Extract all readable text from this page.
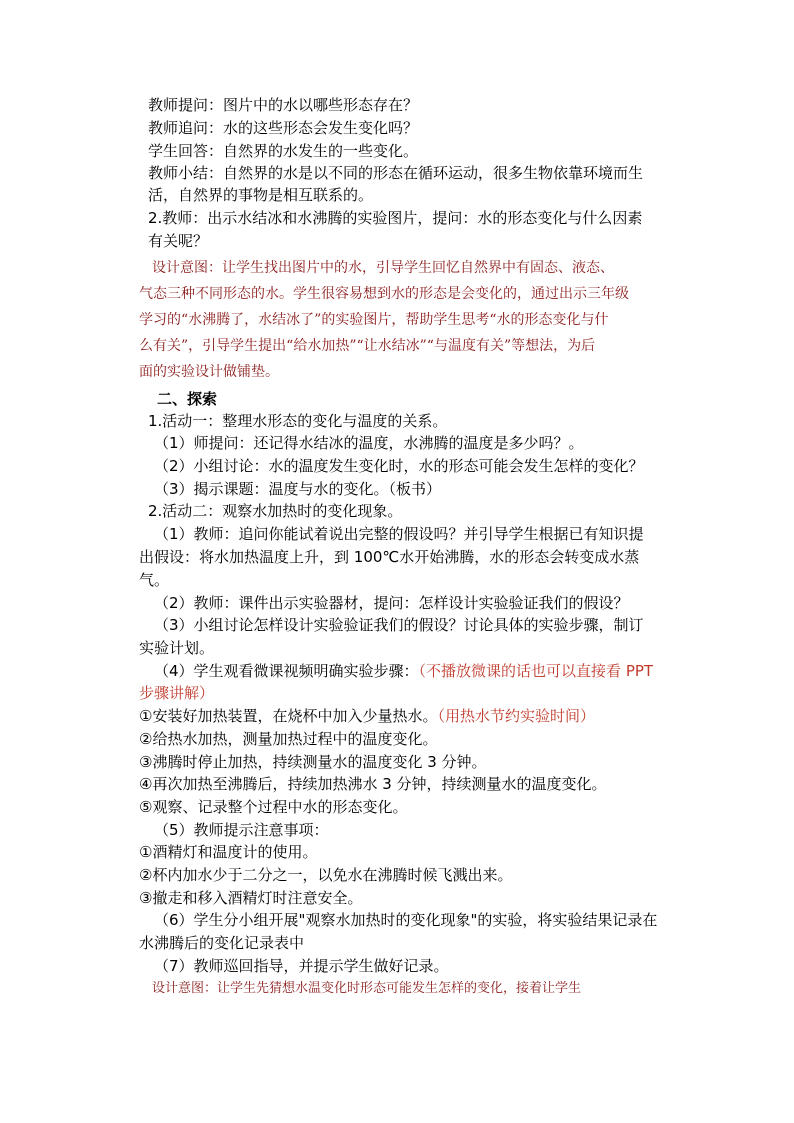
教师提问：图片中的水以哪些形态存在？
教师追问：水的这些形态会发生变化吗？
学生回答：自然界的水发生的一些变化。
教师小结：自然界的水是以不同的形态在循环运动，很多生物依靠环境而生
活，自然界的事物是相互联系的。
2.教师：出示水结冰和水沸腾的实验图片，提问：水的形态变化与什么因素
有关呢？
设计意图：让学生找出图片中的水，引导学生回忆自然界中有固态、液态、
气态三种不同形态的水。学生很容易想到水的形态是会变化的，通过出示三年级
学习的“水沸腾了，水结冰了”的实验图片，帮助学生思考“水的形态变化与什
么有关”，引导学生提出“给水加热”“让水结冰”“与温度有关”等想法，为后
面的实验设计做铺垫。
二、探索
1.活动一：整理水形态的变化与温度的关系。
（1）师提问：还记得水结冰的温度，水沸腾的温度是多少吗？。
（2）小组讨论：水的温度发生变化时，水的形态可能会发生怎样的变化？
（3）揭示课题：温度与水的变化。（板书）
2.活动二：观察水加热时的变化现象。
（1）教师：追问你能试着说出完整的假设吗？并引导学生根据已有知识提
出假设：将水加热温度上升，到 100℃水开始沸腾，水的形态会转变成水蒸
气。
（2）教师：课件出示实验器材，提问：怎样设计实验验证我们的假设？
（3）小组讨论怎样设计实验验证我们的假设？讨论具体的实验步骤，制订
实验计划。
（4）学生观看微课视频明确实验步骤：（不播放微课的话也可以直接看 PPT
步骤讲解）
①安装好加热装置，在烧杯中加入少量热水。（用热水节约实验时间）
②给热水加热，测量加热过程中的温度变化。
③沸腾时停止加热，持续测量水的温度变化 3 分钟。
④再次加热至沸腾后，持续加热沸水 3 分钟，持续测量水的温度变化。
⑤观察、记录整个过程中水的形态变化。
（5）教师提示注意事项：
①酒精灯和温度计的使用。
②杯内加水少于二分之一，以免水在沸腾时候飞溅出来。
③撤走和移入酒精灯时注意安全。
（6）学生分小组开展"观察水加热时的变化现象"的实验，将实验结果记录在
水沸腾后的变化记录表中
（7）教师巡回指导，并提示学生做好记录。
设计意图：让学生先猜想水温变化时形态可能发生怎样的变化，接着让学生
